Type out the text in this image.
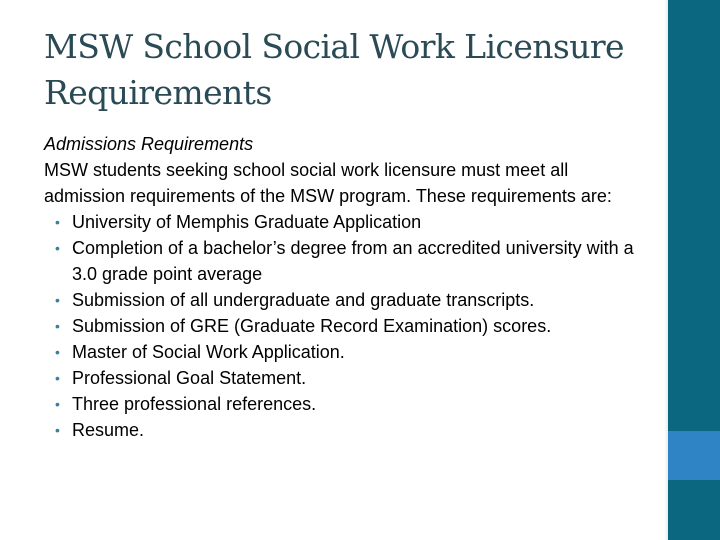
MSW School Social Work Licensure Requirements

Admissions Requirements

MSW students seeking school social work licensure must meet all admission requirements of the MSW program. These requirements are:

• University of Memphis Graduate Application
• Completion of a bachelor’s degree from an accredited university with a 3.0 grade point average
• Submission of all undergraduate and graduate transcripts.
• Submission of GRE (Graduate Record Examination) scores.
• Master of Social Work Application.
• Professional Goal Statement.
• Three professional references.
• Resume.
